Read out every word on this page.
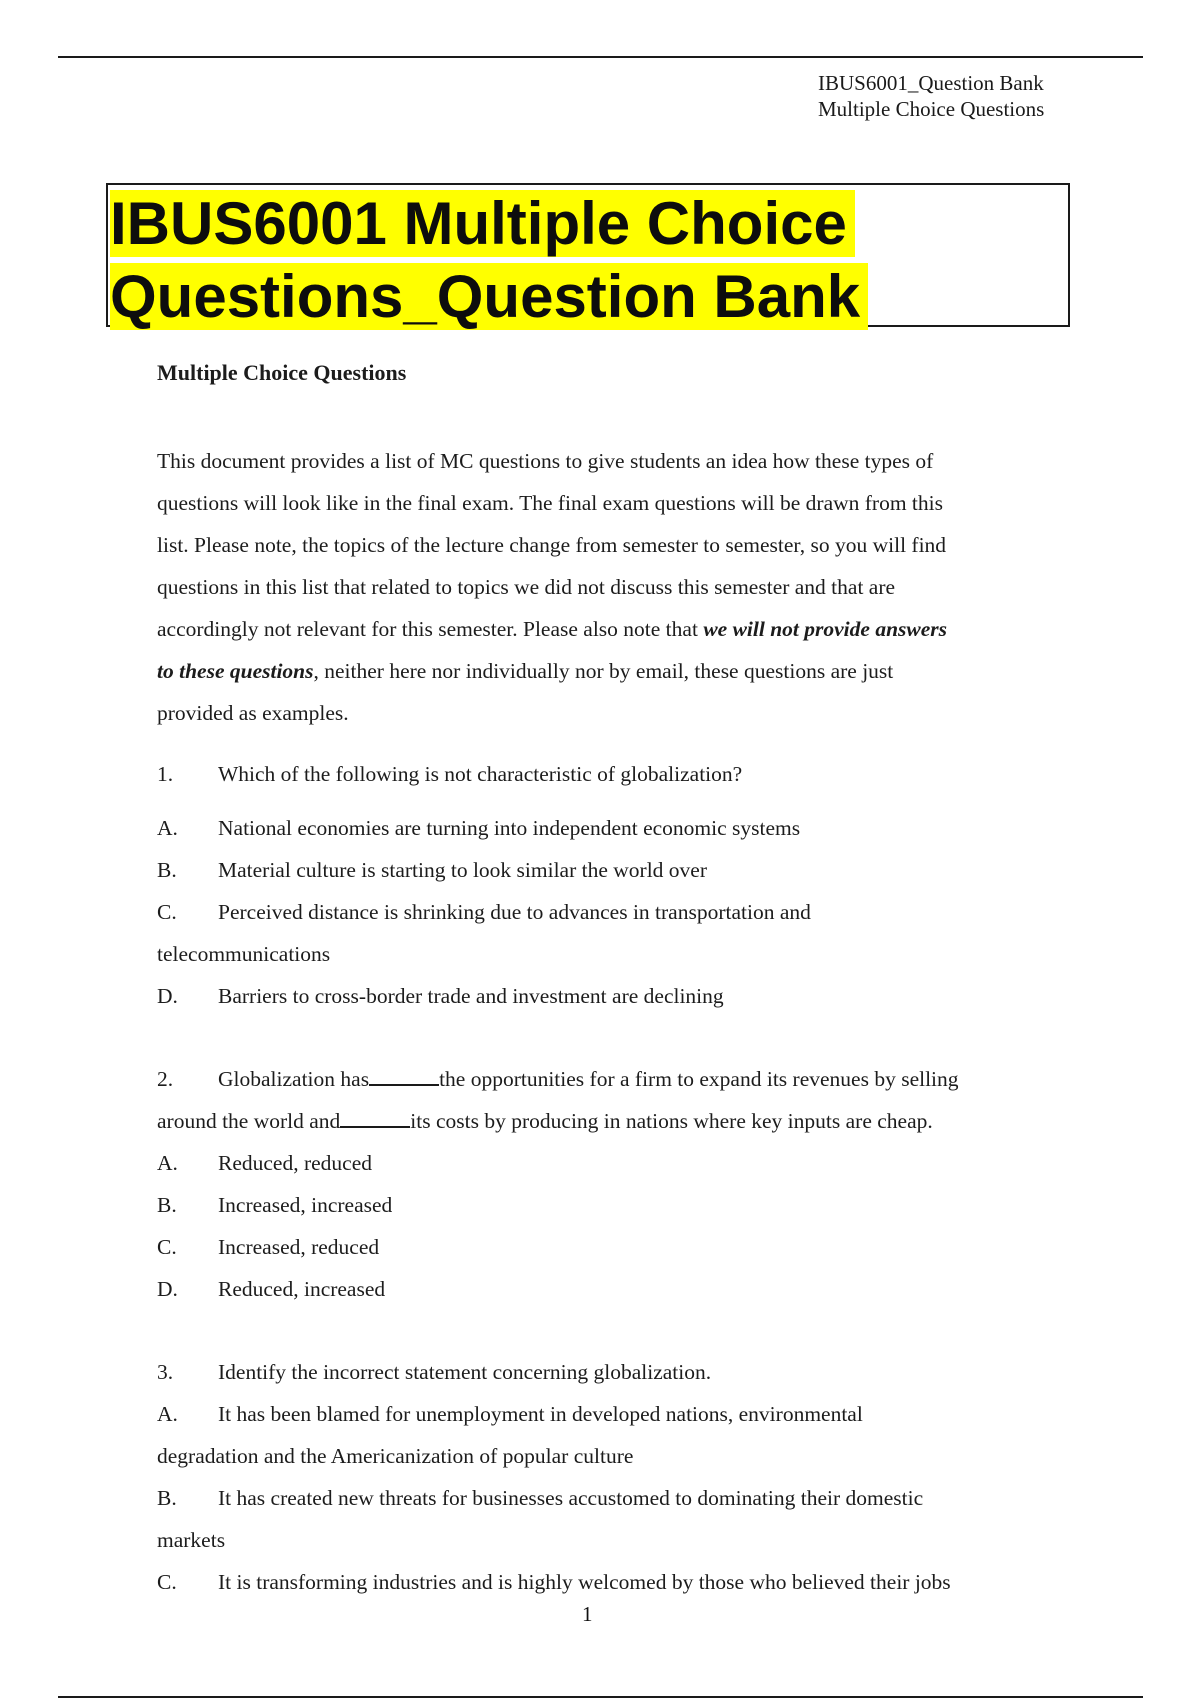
IBUS6001_Question Bank
Multiple Choice Questions
IBUS6001 Multiple Choice
Questions_Question Bank
Multiple Choice Questions
This document provides a list of MC questions to give students an idea how these types of
questions will look like in the final exam. The final exam questions will be drawn from this
list. Please note, the topics of the lecture change from semester to semester, so you will find
questions in this list that related to topics we did not discuss this semester and that are
accordingly not relevant for this semester. Please also note that we will not provide answers
to these questions, neither here nor individually nor by email, these questions are just
provided as examples.
1. Which of the following is not characteristic of globalization?
A. National economies are turning into independent economic systems
B. Material culture is starting to look similar the world over
C. Perceived distance is shrinking due to advances in transportation and
telecommunications
D. Barriers to cross-border trade and investment are declining
2. Globalization has	the opportunities for a firm to expand its revenues by selling
around the world and	its costs by producing in nations where key inputs are cheap.
A. Reduced, reduced
B. Increased, increased
C. Increased, reduced
D. Reduced, increased
3. Identify the incorrect statement concerning globalization.
A. It has been blamed for unemployment in developed nations, environmental
degradation and the Americanization of popular culture
B. It has created new threats for businesses accustomed to dominating their domestic
markets
C. It is transforming industries and is highly welcomed by those who believed their jobs
1
